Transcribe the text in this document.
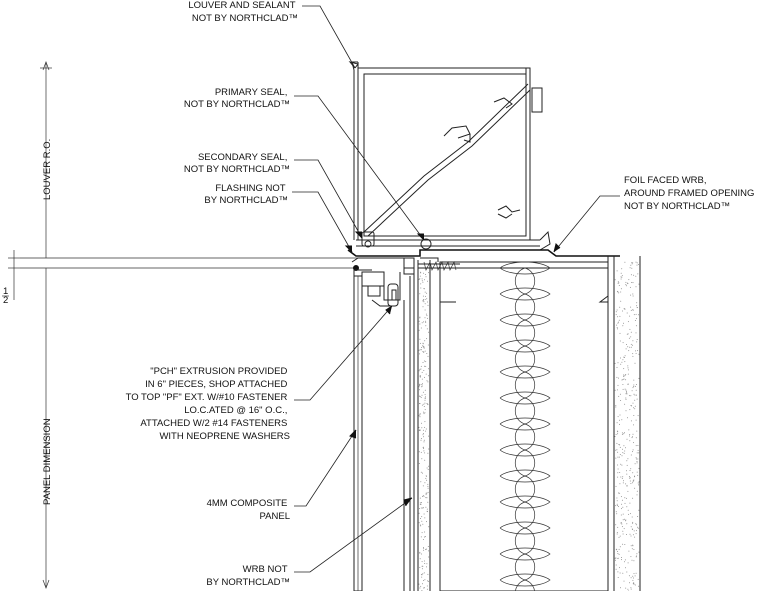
LOUVER R.O.
PANEL DIMENSION
1
2
LOUVER AND SEALANT NOT BY NORTHCLAD™
PRIMARY SEAL, NOT BY NORTHCLAD™
SECONDARY SEAL, NOT BY NORTHCLAD™
FLASHING NOT BY NORTHCLAD™
FOIL FACED WRB, AROUND FRAMED OPENING NOT BY NORTHCLAD™
"PCH" EXTRUSION PROVIDED IN 6" PIECES, SHOP ATTACHED TO TOP "PF" EXT. W/#10 FASTENER LO.C.ATED @ 16" O.C., ATTACHED W/2 #14 FASTENERS WITH NEOPRENE WASHERS
4MM COMPOSITE PANEL
WRB NOT BY NORTHCLAD™
